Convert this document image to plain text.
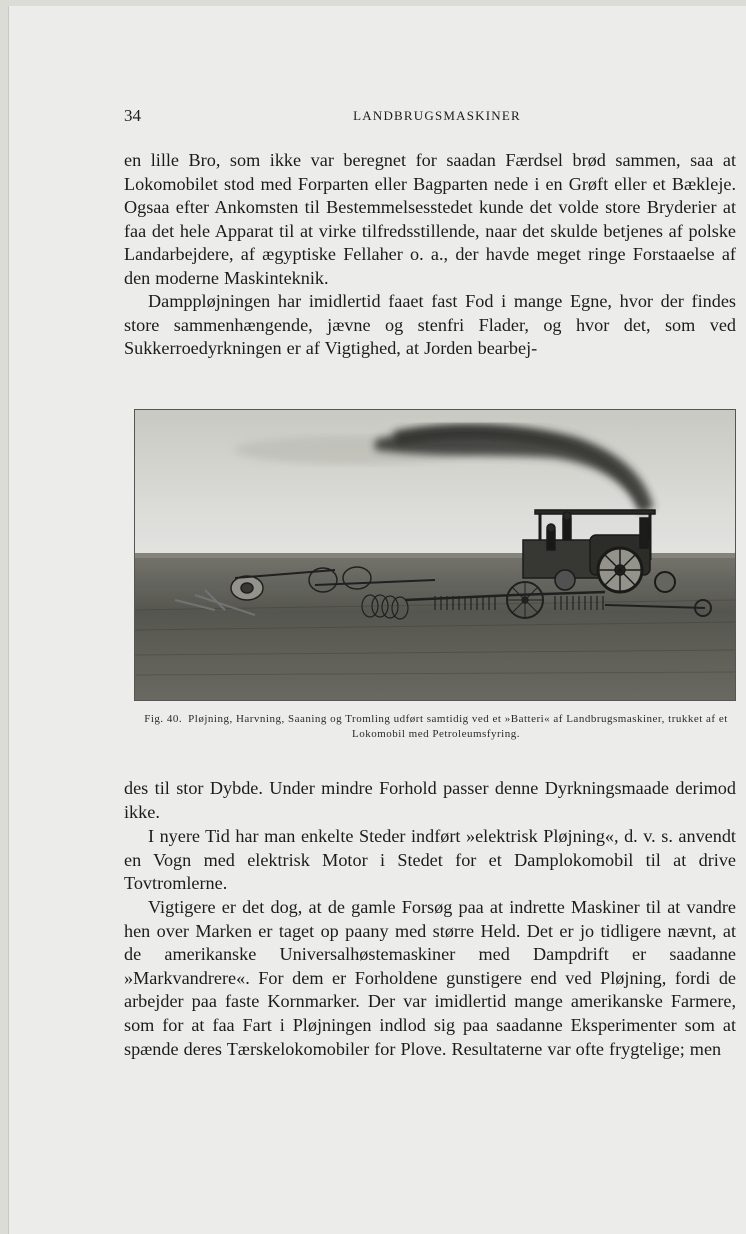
34	LANDBRUGSMASKINER

en lille Bro, som ikke var beregnet for saadan Færdsel brød sammen, saa at Lokomobilet stod med Forparten eller Bagparten nede i en Grøft eller et Bækleje. Ogsaa efter Ankomsten til Bestemmelsesstedet kunde det volde store Bryderier at faa det hele Apparat til at virke tilfredsstillende, naar det skulde betjenes af polske Landarbejdere, af ægyptiske Fellaher o. a., der havde meget ringe Forstaaelse af den moderne Maskinteknik.

Damppløjningen har imidlertid faaet fast Fod i mange Egne, hvor der findes store sammenhængende, jævne og stenfri Flader, og hvor det, som ved Sukkerroedyrkningen er af Vigtighed, at Jorden bearbej-

Fig. 40. Pløjning, Harvning, Saaning og Tromling udført samtidig ved et »Batteri« af Landbrugsmaskiner, trukket af et Lokomobil med Petroleumsfyring.

des til stor Dybde. Under mindre Forhold passer denne Dyrkningsmaade derimod ikke.

I nyere Tid har man enkelte Steder indført »elektrisk Pløjning«, d. v. s. anvendt en Vogn med elektrisk Motor i Stedet for et Damplokomobil til at drive Tovtromlerne.

Vigtigere er det dog, at de gamle Forsøg paa at indrette Maskiner til at vandre hen over Marken er taget op paany med større Held. Det er jo tidligere nævnt, at de amerikanske Universalhøstemaskiner med Dampdrift er saadanne »Markvandrere«. For dem er Forholdene gunstigere end ved Pløjning, fordi de arbejder paa faste Kornmarker. Der var imidlertid mange amerikanske Farmere, som for at faa Fart i Pløjningen indlod sig paa saadanne Eksperimenter som at spænde deres Tærskelokomobiler for Plove. Resultaterne var ofte frygtelige; men
